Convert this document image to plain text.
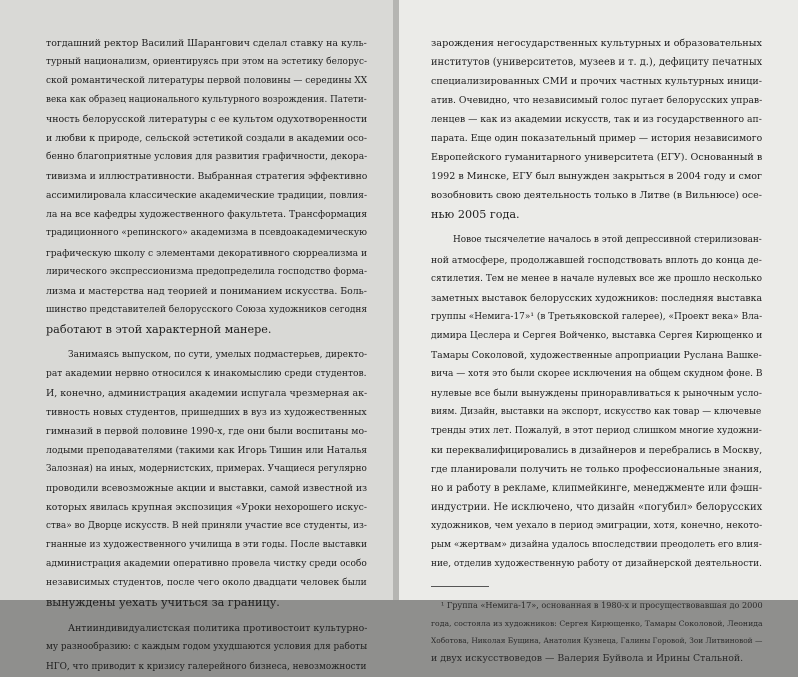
тогдашний ректор Василий Шарангович сделал ставку на куль-
турный национализм, ориентируясь при этом на эстетику белорус-
ской романтической литературы первой половины — середины XX
века как образец национального культурного возрождения. Патети-
чность белорусской литературы с ее культом одухотворенности
и любви к природе, сельской эстетикой создали в академии осо-
бенно благоприятные условия для развития графичности, декора-
тивизма и иллюстративности. Выбранная стратегия эффективно
ассимилировала классические академические традиции, повлия-
ла на все кафедры художественного факультета. Трансформация
традиционного «репинского» академизма в псевдоакадемическую
графическую школу с элементами декоративного сюрреализма и
лирического экспрессионизма предопределила господство форма-
лизма и мастерства над теорией и пониманием искусства. Боль-
шинство представителей белорусского Союза художников сегодня
работают в этой характерной манере.

Занимаясь выпуском, по сути, умелых подмастерьев, директо-
рат академии нервно относился к инакомыслию среди студентов.
И, конечно, администрация академии испугала чрезмерная ак-
тивность новых студентов, пришедших в вуз из художественных
гимназий в первой половине 1990-х, где они были воспитаны мо-
лодыми преподавателями (такими как Игорь Тишин или Наталья
Залозная) на иных, модернистских, примерах. Учащиеся регулярно
проводили всевозможные акции и выставки, самой известной из
которых явилась крупная экспозиция «Уроки нехорошего искус-
ства» во Дворце искусств. В ней приняли участие все студенты, из-
гнанные из художественного училища в эти годы. После выставки
администрация академии оперативно провела чистку среди особо
независимых студентов, после чего около двадцати человек были
вынуждены уехать учиться за границу.

Антииндивидуалистская политика противостоит культурно-
му разнообразию: с каждым годом ухудшаются условия для работы
НГО, что приводит к кризису галерейного бизнеса, невозможности

зарождения негосударственных культурных и образовательных
институтов (университетов, музеев и т. д.), дефициту печатных
специализированных СМИ и прочих частных культурных иници-
атив. Очевидно, что независимый голос пугает белорусских управ-
ленцев — как из академии искусств, так и из государственного ап-
парата. Еще один показательный пример — история независимого
Европейского гуманитарного университета (ЕГУ). Основанный в
1992 в Минске, ЕГУ был вынужден закрыться в 2004 году и смог
возобновить свою деятельность только в Литве (в Вильнюсе) осе-
нью 2005 года.

Новое тысячелетие началось в этой депрессивной стерилизован-
ной атмосфере, продолжавшей господствовать вплоть до конца де-
сятилетия. Тем не менее в начале нулевых все же прошло несколько
заметных выставок белорусских художников: последняя выставка
группы «Немига-17»¹ (в Третьяковской галерее), «Проект века» Вла-
димира Цеслера и Сергея Войченко, выставка Сергея Кирющенко и
Тамары Соколовой, художественные апроприации Руслана Вашке-
вича — хотя это были скорее исключения на общем скудном фоне. В
нулевые все были вынуждены приноравливаться к рыночным усло-
виям. Дизайн, выставки на экспорт, искусство как товар — ключевые
тренды этих лет. Пожалуй, в этот период слишком многие художни-
ки переквалифицировались в дизайнеров и перебрались в Москву,
где планировали получить не только профессиональные знания,
но и работу в рекламе, клипмейкинге, менеджменте или фэшн-
индустрии. Не исключено, что дизайн «погубил» белорусских
художников, чем уехало в период эмиграции, хотя, конечно, некото-
рым «жертвам» дизайна удалось впоследствии преодолеть его влия-
ние, отделив художественную работу от дизайнерской деятельности.

¹ Группа «Немига-17», основанная в 1980-х и просуществовавшая до 2000
года, состояла из художников: Сергея Кирющенко, Тамары Соколовой, Леонида
Хоботова, Николая Бущина, Анатолия Кузнеца, Галины Горовой, Зои Литвиновой —
и двух искусствоведов — Валерия Буйвола и Ирины Стальной.
